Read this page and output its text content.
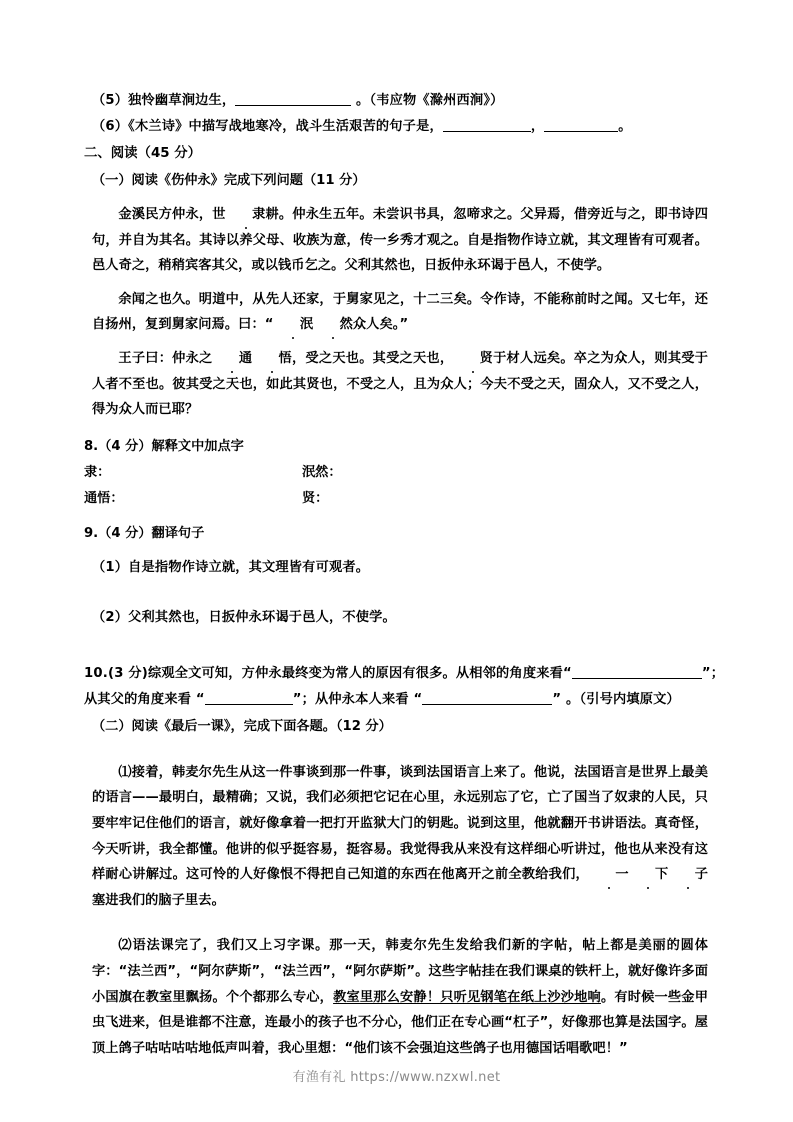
（5）独怜幽草涧边生，	。（韦应物《滁州西涧》）
（6）《木兰诗》中描写战地寒冷，战斗生活艰苦的句子是，	，	。
二、阅读（45 分）
（一）阅读《伤仲永》完成下列问题（11 分）

金溪民方仲永，世 隶耕。仲永生五年。未尝识书具，忽啼求之。父异焉，借旁近与之，即书诗四句，并自为其名。其诗以养父母、收族为意，传一乡秀才观之。自是指物作诗立就，其文理皆有可观者。邑人奇之，稍稍宾客其父，或以钱币乞之。父利其然也，日扳仲永环谒于邑人，不使学。

余闻之也久。明道中，从先人还家，于舅家见之，十二三矣。令作诗，不能称前时之闻。又七年，还自扬州，复到舅家问焉。曰：“ 泯 然众人矣。”

王子曰：仲永之 通 悟，受之天也。其受之天也， 贤于材人远矣。卒之为众人，则其受于人者不至也。彼其受之天也，如此其贤也，不受之人，且为众人；今夫不受之天，固众人，又不受之人，得为众人而已耶？

8.（4 分）解释文中加点字
隶：	泯然：
通悟：	贤：
9.（4 分）翻译句子
（1）自是指物作诗立就，其文理皆有可观者。
（2）父利其然也，日扳仲永环谒于邑人，不使学。
10.(3 分)综观全文可知，方仲永最终变为常人的原因有很多。从相邻的角度来看“	”；
从其父的角度来看 “	”；从仲永本人来看 “	” 。（引号内填原文）
（二）阅读《最后一课》，完成下面各题。（12 分）

⑴接着，韩麦尔先生从这一件事谈到那一件事，谈到法国语言上来了。他说，法国语言是世界上最美的语言——最明白，最精确；又说，我们必须把它记在心里，永远别忘了它，亡了国当了奴隶的人民，只要牢牢记住他们的语言，就好像拿着一把打开监狱大门的钥匙。说到这里，他就翻开书讲语法。真奇怪，今天听讲，我全都懂。他讲的似乎挺容易，挺容易。我觉得我从来没有这样细心听讲过，他也从来没有这样耐心讲解过。这可怜的人好像恨不得把自己知道的东西在他离开之前全教给我们， 一 下 子塞进我们的脑子里去。

⑵语法课完了，我们又上习字课。那一天，韩麦尔先生发给我们新的字帖，帖上都是美丽的圆体字：“法兰西”，“阿尔萨斯”，“法兰西”，“阿尔萨斯”。这些字帖挂在我们课桌的铁杆上，就好像许多面小国旗在教室里飘扬。个个都那么专心，教室里那么安静！只听见钢笔在纸上沙沙地响。有时候一些金甲虫飞进来，但是谁都不注意，连最小的孩子也不分心，他们正在专心画“杠子”，好像那也算是法国字。屋顶上鸽子咕咕咕咕地低声叫着，我心里想：“他们该不会强迫这些鸽子也用德国话唱歌吧！”

有渔有礼 https://www.nzxwl.net
